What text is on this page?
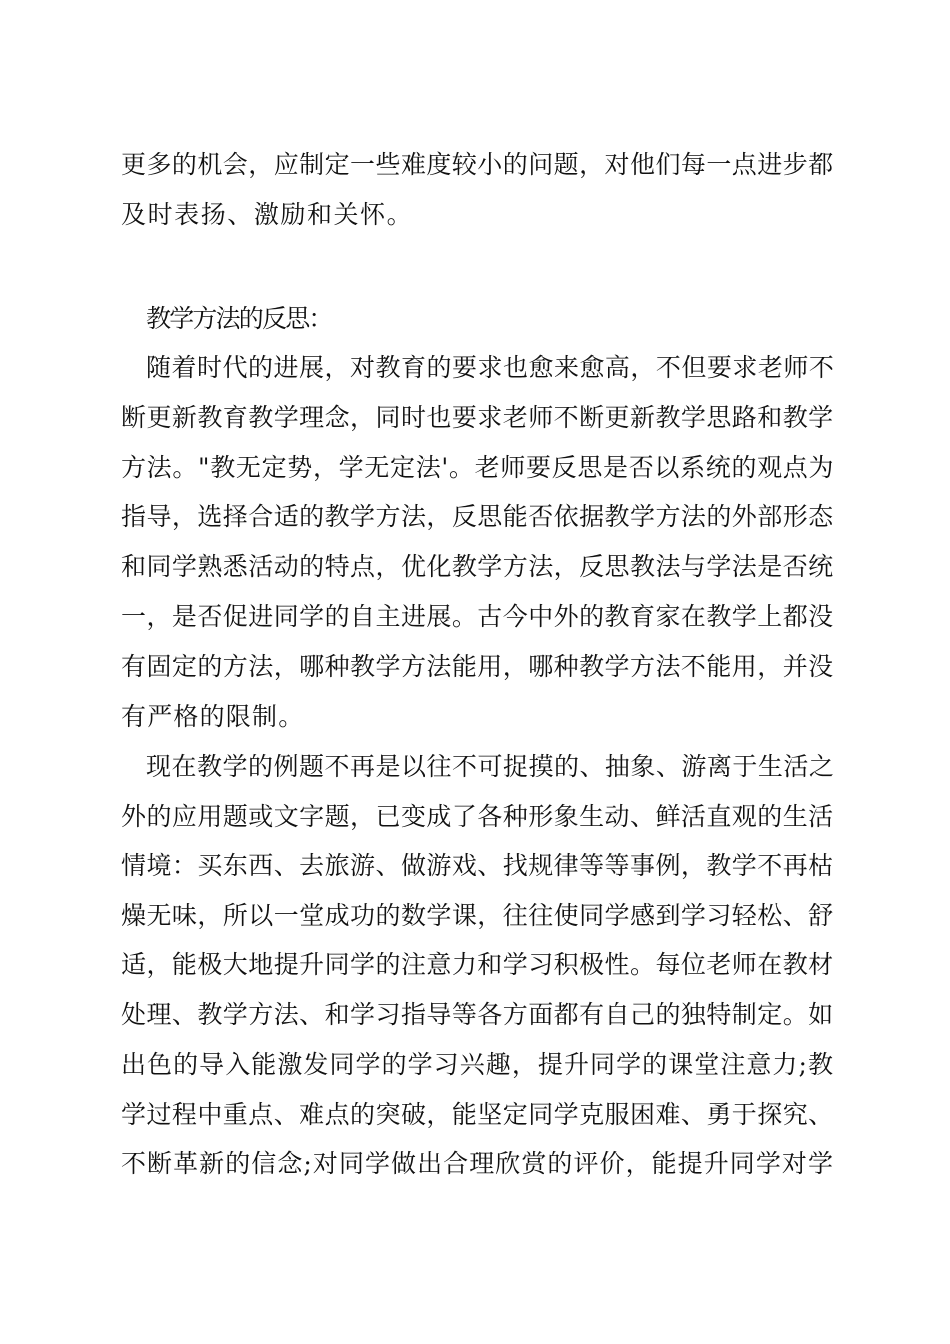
更多的机会，应制定一些难度较小的问题，对他们每一点进步都
及时表扬、激励和关怀。
教学方法的反思：
随着时代的进展，对教育的要求也愈来愈高，不但要求老师不
断更新教育教学理念，同时也要求老师不断更新教学思路和教学
方法。"教无定势，学无定法'。老师要反思是否以系统的观点为
指导，选择合适的教学方法，反思能否依据教学方法的外部形态
和同学熟悉活动的特点，优化教学方法，反思教法与学法是否统
一，是否促进同学的自主进展。古今中外的教育家在教学上都没
有固定的方法，哪种教学方法能用，哪种教学方法不能用，并没
有严格的限制。
现在教学的例题不再是以往不可捉摸的、抽象、游离于生活之
外的应用题或文字题，已变成了各种形象生动、鲜活直观的生活
情境：买东西、去旅游、做游戏、找规律等等事例，教学不再枯
燥无味，所以一堂成功的数学课，往往使同学感到学习轻松、舒
适，能极大地提升同学的注意力和学习积极性。每位老师在教材
处理、教学方法、和学习指导等各方面都有自己的独特制定。如
出色的导入能激发同学的学习兴趣，提升同学的课堂注意力;教
学过程中重点、难点的突破，能坚定同学克服困难、勇于探究、
不断革新的信念;对同学做出合理欣赏的评价，能提升同学对学
